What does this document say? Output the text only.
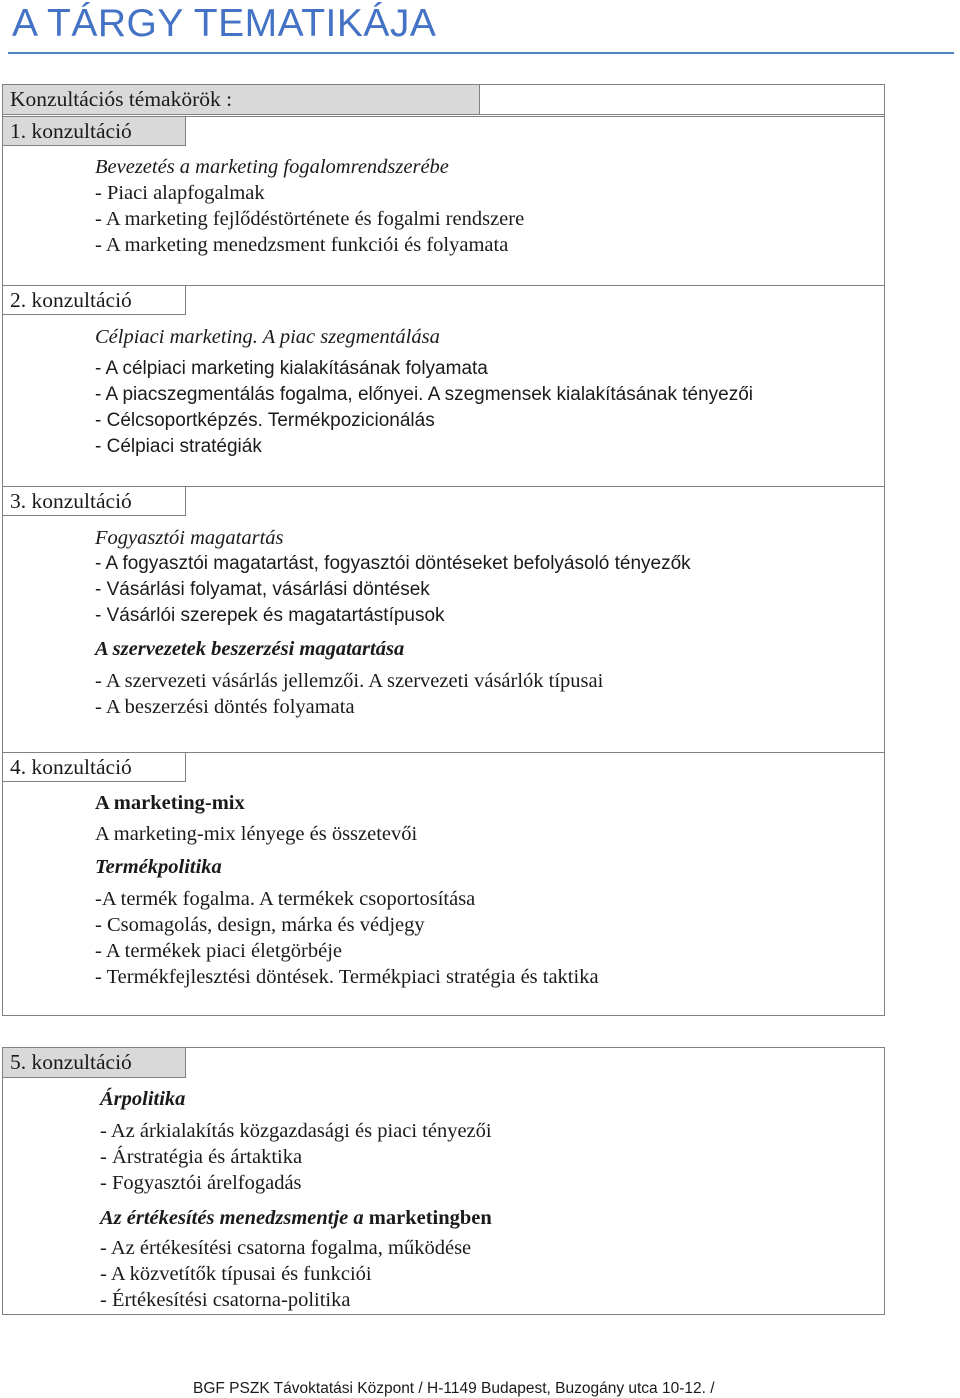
A TÁRGY TEMATIKÁJA
Konzultációs témakörök :
1. konzultáció
2. konzultáció
3. konzultáció
4. konzultáció
Bevezetés a marketing fogalomrendszerébe
- Piaci alapfogalmak
- A marketing fejlődéstörténete és fogalmi rendszere
- A marketing menedzsment funkciói és folyamata
Célpiaci marketing. A piac szegmentálása
- A célpiaci marketing kialakításának folyamata
- A piacszegmentálás fogalma, előnyei. A szegmensek kialakításának tényezői
- Célcsoportképzés. Termékpozicionálás
- Célpiaci stratégiák
Fogyasztói magatartás
- A fogyasztói magatartást, fogyasztói döntéseket befolyásoló tényezők
- Vásárlási folyamat, vásárlási döntések
- Vásárlói szerepek és magatartástípusok
A szervezetek beszerzési magatartása
- A szervezeti vásárlás jellemzői. A szervezeti vásárlók típusai
- A beszerzési döntés folyamata
A marketing-mix
A marketing-mix lényege és összetevői
Termékpolitika
-A termék fogalma. A termékek csoportosítása
- Csomagolás, design, márka és védjegy
- A termékek piaci életgörbéje
- Termékfejlesztési döntések. Termékpiaci stratégia és taktika
5. konzultáció
Árpolitika
- Az árkialakítás közgazdasági és piaci tényezői
- Árstratégia és ártaktika
- Fogyasztói árelfogadás
Az értékesítés menedzsmentje a marketingben
- Az értékesítési csatorna fogalma, működése
- A közvetítők típusai és funkciói
- Értékesítési csatorna-politika
BGF PSZK Távoktatási Központ / H-1149 Budapest, Buzogány utca 10-12. /
